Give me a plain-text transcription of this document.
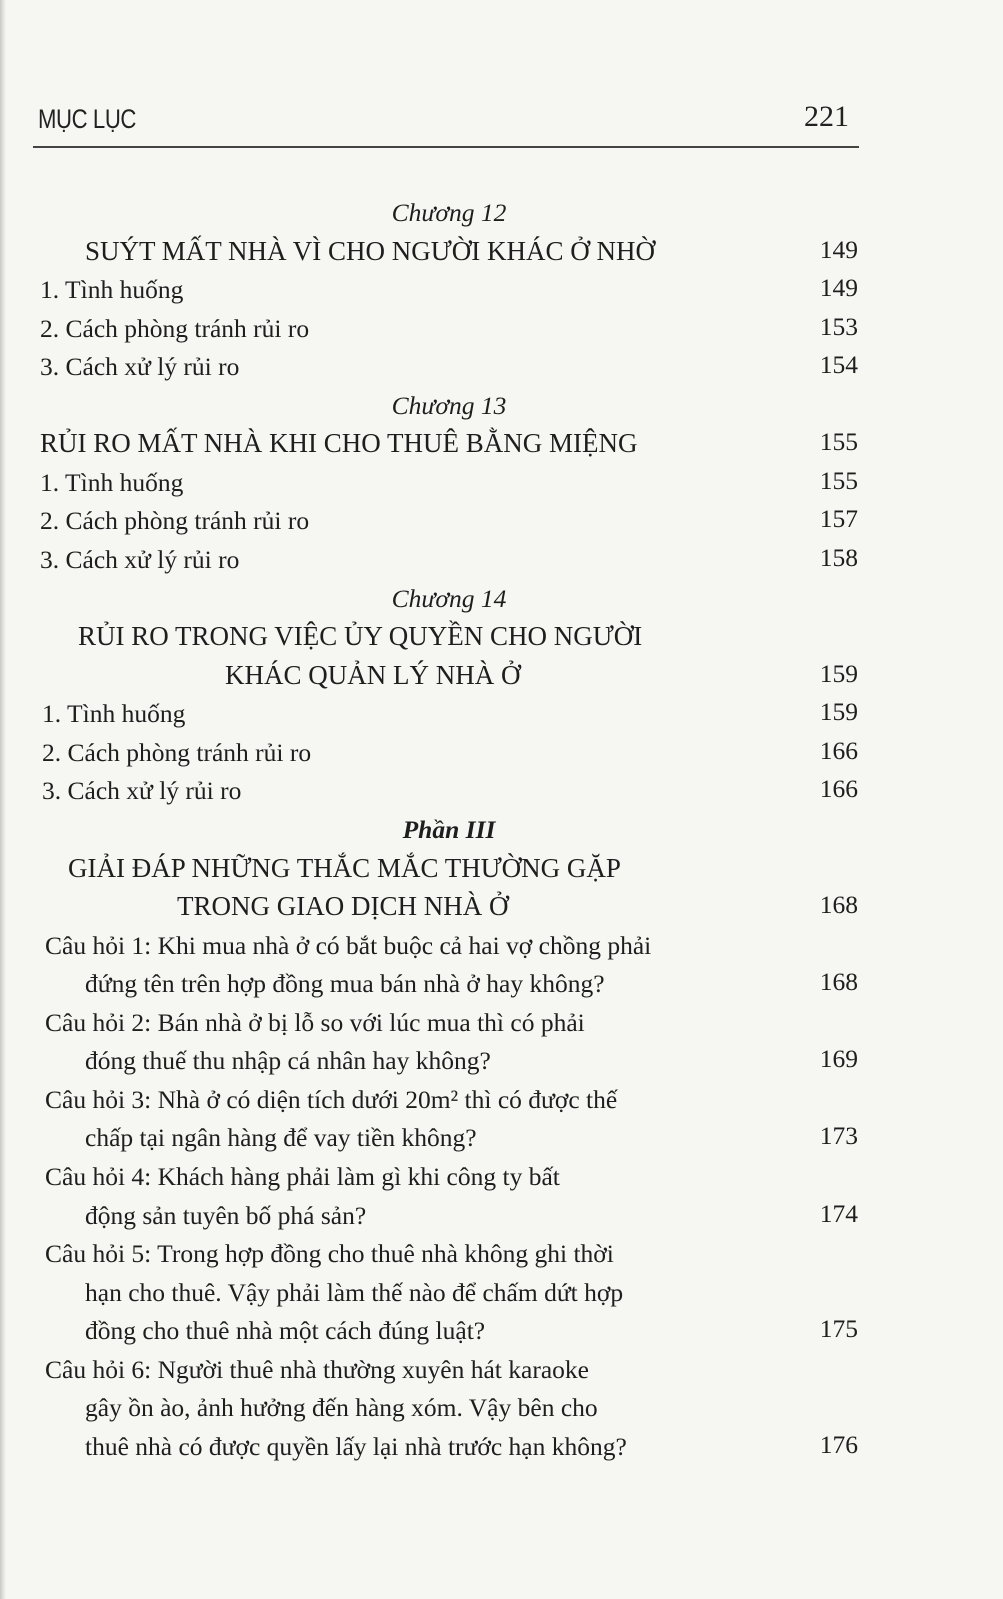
MỤC LỤC	221
Chương 12
SUÝT MẤT NHÀ VÌ CHO NGƯỜI KHÁC Ở NHỜ	149
1. Tình huống	149
2. Cách phòng tránh rủi ro	153
3. Cách xử lý rủi ro	154
Chương 13
RỦI RO MẤT NHÀ KHI CHO THUÊ BẰNG MIỆNG	155
1. Tình huống	155
2. Cách phòng tránh rủi ro	157
3. Cách xử lý rủi ro	158
Chương 14
RỦI RO TRONG VIỆC ỦY QUYỀN CHO NGƯỜI
KHÁC QUẢN LÝ NHÀ Ở	159
1. Tình huống	159
2. Cách phòng tránh rủi ro	166
3. Cách xử lý rủi ro	166
Phần III
GIẢI ĐÁP NHỮNG THẮC MẮC THƯỜNG GẶP
TRONG GIAO DỊCH NHÀ Ở	168
Câu hỏi 1: Khi mua nhà ở có bắt buộc cả hai vợ chồng phải
đứng tên trên hợp đồng mua bán nhà ở hay không?	168
Câu hỏi 2: Bán nhà ở bị lỗ so với lúc mua thì có phải
đóng thuế thu nhập cá nhân hay không?	169
Câu hỏi 3: Nhà ở có diện tích dưới 20m² thì có được thế
chấp tại ngân hàng để vay tiền không?	173
Câu hỏi 4: Khách hàng phải làm gì khi công ty bất
động sản tuyên bố phá sản?	174
Câu hỏi 5: Trong hợp đồng cho thuê nhà không ghi thời
hạn cho thuê. Vậy phải làm thế nào để chấm dứt hợp
đồng cho thuê nhà một cách đúng luật?	175
Câu hỏi 6: Người thuê nhà thường xuyên hát karaoke
gây ồn ào, ảnh hưởng đến hàng xóm. Vậy bên cho
thuê nhà có được quyền lấy lại nhà trước hạn không?	176
